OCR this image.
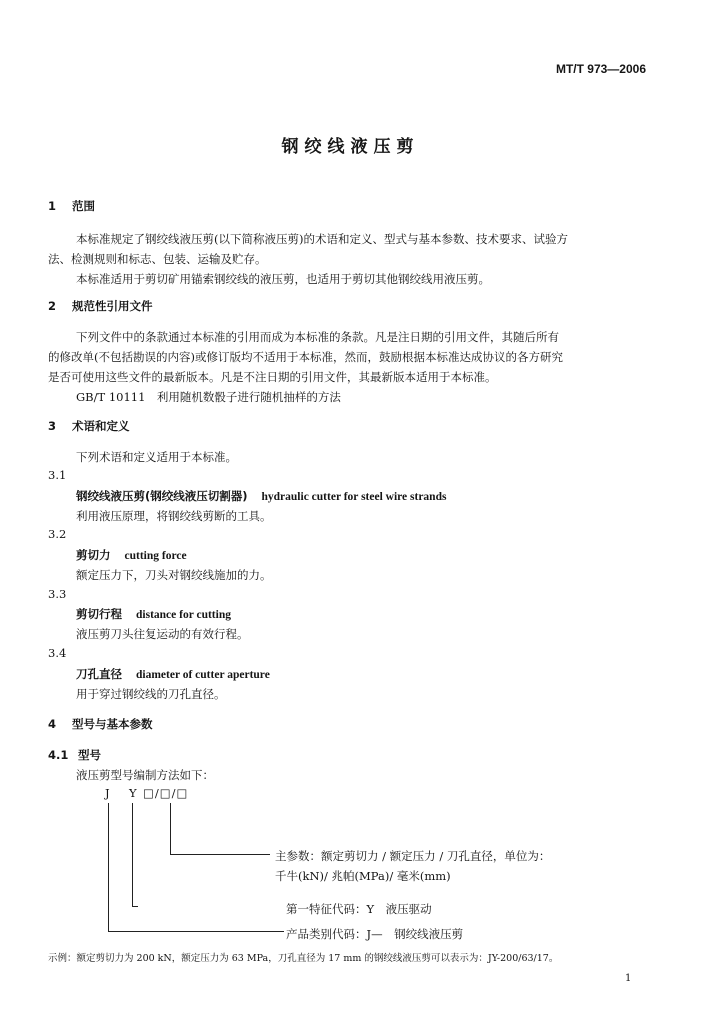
MT/T 973—2006
钢绞线液压剪
1 范围
本标准规定了钢绞线液压剪(以下简称液压剪)的术语和定义、型式与基本参数、技术要求、试验方
法、检测规则和标志、包装、运输及贮存。
本标准适用于剪切矿用锚索钢绞线的液压剪，也适用于剪切其他钢绞线用液压剪。
2 规范性引用文件
下列文件中的条款通过本标准的引用而成为本标准的条款。凡是注日期的引用文件，其随后所有
的修改单(不包括勘误的内容)或修订版均不适用于本标准，然而，鼓励根据本标准达成协议的各方研究
是否可使用这些文件的最新版本。凡是不注日期的引用文件，其最新版本适用于本标准。
GB/T 10111　利用随机数骰子进行随机抽样的方法
3 术语和定义
下列术语和定义适用于本标准。
3.1
钢绞线液压剪(钢绞线液压切割器) hydraulic cutter for steel wire strands
利用液压原理，将钢绞线剪断的工具。
3.2
剪切力 cutting force
额定压力下，刀头对钢绞线施加的力。
3.3
剪切行程 distance for cutting
液压剪刀头往复运动的有效行程。
3.4
刀孔直径 diameter of cutter aperture
用于穿过钢绞线的刀孔直径。
4 型号与基本参数
4.1 型号
液压剪型号编制方法如下：
J Y □/□/□
主参数：额定剪切力 / 额定压力 / 刀孔直径，单位为：
千牛(kN)/ 兆帕(MPa)/ 毫米(mm)
第一特征代码：Y　液压驱动
产品类别代码：J—　钢绞线液压剪
示例：额定剪切力为 200 kN，额定压力为 63 MPa，刀孔直径为 17 mm 的钢绞线液压剪可以表示为：JY-200/63/17。
1
